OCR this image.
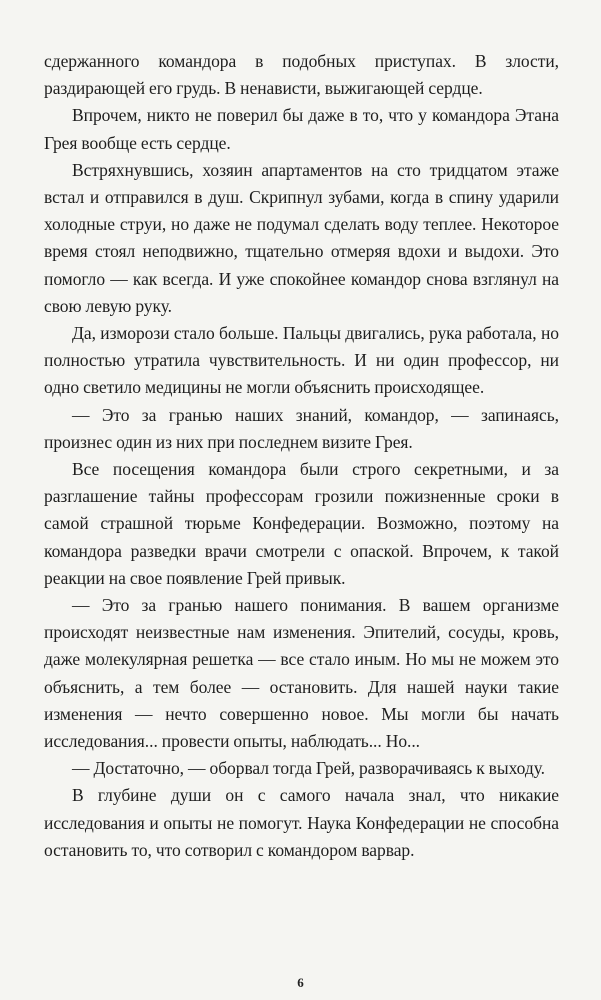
сдержанного командора в подобных приступах. В злости, раздирающей его грудь. В ненависти, выжигающей сердце.

Впрочем, никто не поверил бы даже в то, что у командора Этана Грея вообще есть сердце.

Встряхнувшись, хозяин апартаментов на сто тридцатом этаже встал и отправился в душ. Скрипнул зубами, когда в спину ударили холодные струи, но даже не подумал сделать воду теплее. Некоторое время стоял неподвижно, тщательно отмеряя вдохи и выдохи. Это помогло — как всегда. И уже спокойнее командор снова взглянул на свою левую руку.

Да, изморози стало больше. Пальцы двигались, рука работала, но полностью утратила чувствительность. И ни один профессор, ни одно светило медицины не могли объяснить происходящее.

— Это за гранью наших знаний, командор, — запинаясь, произнес один из них при последнем визите Грея.

Все посещения командора были строго секретными, и за разглашение тайны профессорам грозили пожизненные сроки в самой страшной тюрьме Конфедерации. Возможно, поэтому на командора разведки врачи смотрели с опаской. Впрочем, к такой реакции на свое появление Грей привык.

— Это за гранью нашего понимания. В вашем организме происходят неизвестные нам изменения. Эпителий, сосуды, кровь, даже молекулярная решетка — все стало иным. Но мы не можем это объяснить, а тем более — остановить. Для нашей науки такие изменения — нечто совершенно новое. Мы могли бы начать исследования... провести опыты, наблюдать... Но...

— Достаточно, — оборвал тогда Грей, разворачиваясь к выходу.

В глубине души он с самого начала знал, что никакие исследования и опыты не помогут. Наука Конфедерации не способна остановить то, что сотворил с командором варвар.

6
